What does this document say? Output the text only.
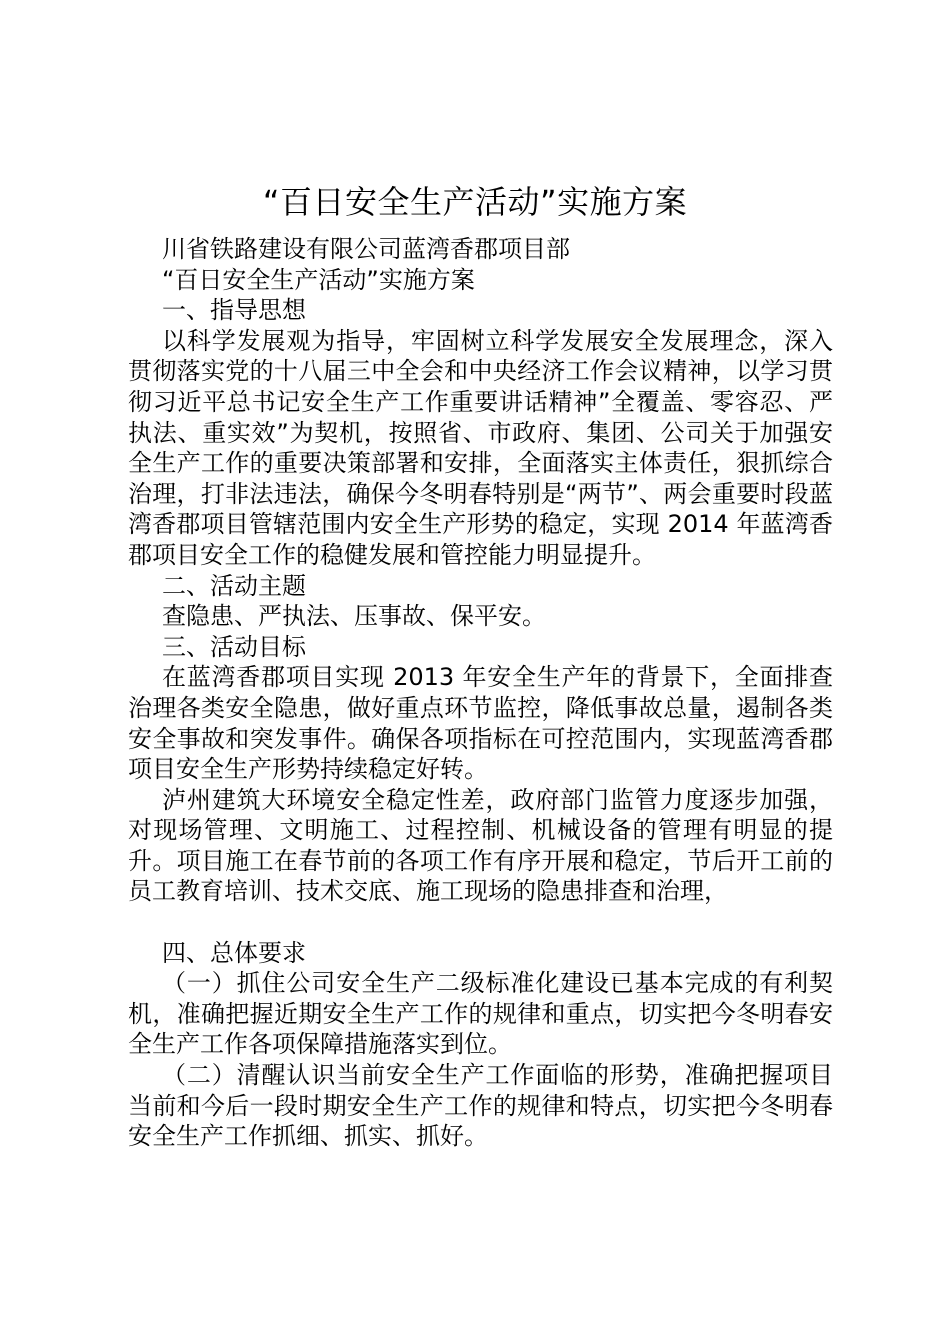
“百日安全生产活动”实施方案

川省铁路建设有限公司蓝湾香郡项目部

“百日安全生产活动”实施方案

一、指导思想

以科学发展观为指导，牢固树立科学发展安全发展理念，深入贯彻落实党的十八届三中全会和中央经济工作会议精神，以学习贯彻习近平总书记安全生产工作重要讲话精神”全覆盖、零容忍、严执法、重实效”为契机，按照省、市政府、集团、公司关于加强安全生产工作的重要决策部署和安排，全面落实主体责任，狠抓综合治理，打非法违法，确保今冬明春特别是“两节”、两会重要时段蓝湾香郡项目管辖范围内安全生产形势的稳定，实现 2014 年蓝湾香郡项目安全工作的稳健发展和管控能力明显提升。

二、活动主题

查隐患、严执法、压事故、保平安。

三、活动目标

在蓝湾香郡项目实现 2013 年安全生产年的背景下，全面排查治理各类安全隐患，做好重点环节监控，降低事故总量，遏制各类安全事故和突发事件。确保各项指标在可控范围内，实现蓝湾香郡项目安全生产形势持续稳定好转。

泸州建筑大环境安全稳定性差，政府部门监管力度逐步加强，对现场管理、文明施工、过程控制、机械设备的管理有明显的提升。项目施工在春节前的各项工作有序开展和稳定，节后开工前的员工教育培训、技术交底、施工现场的隐患排查和治理，

四、总体要求

（一）抓住公司安全生产二级标准化建设已基本完成的有利契机，准确把握近期安全生产工作的规律和重点，切实把今冬明春安全生产工作各项保障措施落实到位。

（二）清醒认识当前安全生产工作面临的形势，准确把握项目当前和今后一段时期安全生产工作的规律和特点，切实把今冬明春安全生产工作抓细、抓实、抓好。
